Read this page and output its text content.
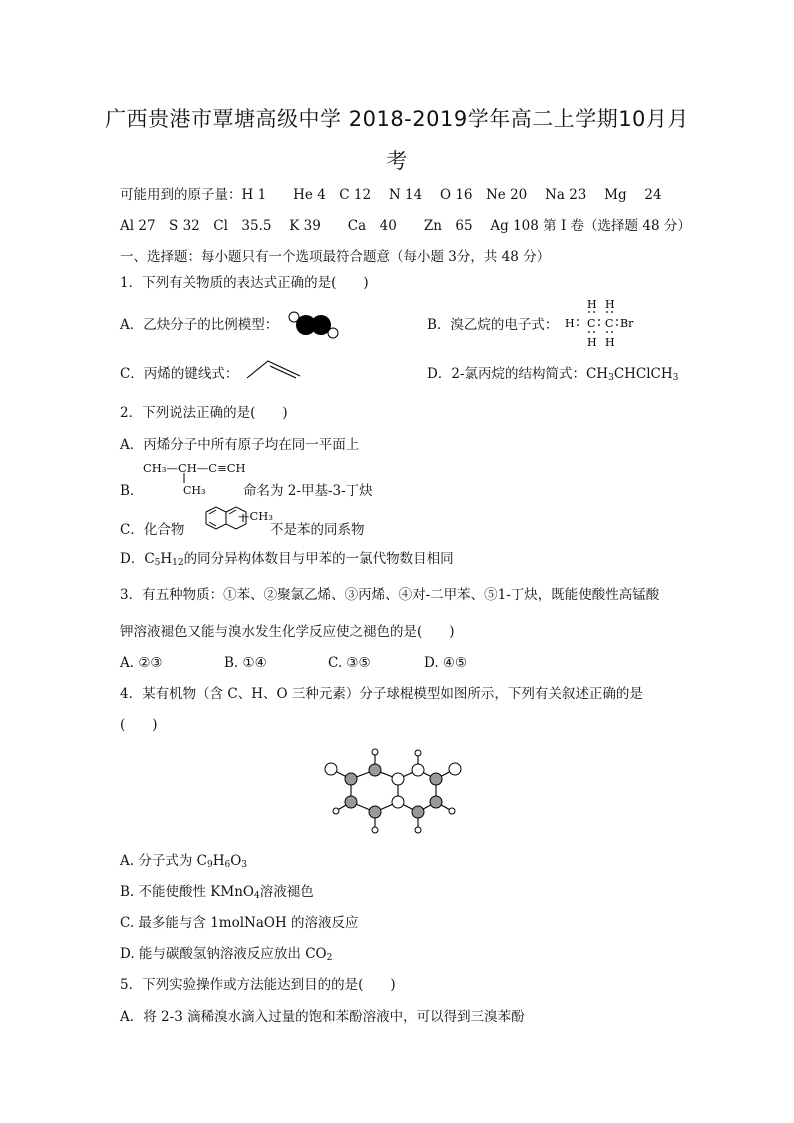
广西贵港市覃塘高级中学 2018-2019学年高二上学期10月月
考
可能用到的原子量：H 1　　He 4　C 12　 N 14　 O 16　Ne 20　 Na 23　 Mg　 24
Al 27　S 32　Cl　35.5　 K 39　　Ca　40　　Zn　65　 Ag 108 第 I 卷（选择题 48 分）
一、选择题：每小题只有一个选项最符合题意（每小题 3分，共 48 分）
1．下列有关物质的表达式正确的是(　　)
A．乙炔分子的比例模型：	B．溴乙烷的电子式：
H H
H C C Br
H H
C．丙烯的键线式：	D．2-氯丙烷的结构简式：$CH_3CHClCH_3$
2．下列说法正确的是(　　)
A．丙烯分子中所有原子均在同一平面上
CH₃—CH—C≡CH
CH₃
B．	命名为 2-甲基-3-丁炔
C．化合物
—CH₃
不是苯的同系物
D．$C_5H_{12}$的同分异构体数目与甲苯的一氯代物数目相同
3．有五种物质：①苯、②聚氯乙烯、③丙烯、④对-二甲苯、⑤1-丁炔，既能使酸性高锰酸
钾溶液褪色又能与溴水发生化学反应使之褪色的是(　　)
A. ②③	B. ①④	C. ③⑤	D. ④⑤
4．某有机物（含 C、H、O 三种元素）分子球棍模型如图所示，下列有关叙述正确的是
(　　)
A. 分子式为 $C_9H_6O_3$
B. 不能使酸性 KMnO$_4$溶液褪色
C. 最多能与含 1molNaOH 的溶液反应
D. 能与碳酸氢钠溶液反应放出 $CO_2$
5．下列实验操作或方法能达到目的的是(　　)
A．将 2-3 滴稀溴水滴入过量的饱和苯酚溶液中，可以得到三溴苯酚
